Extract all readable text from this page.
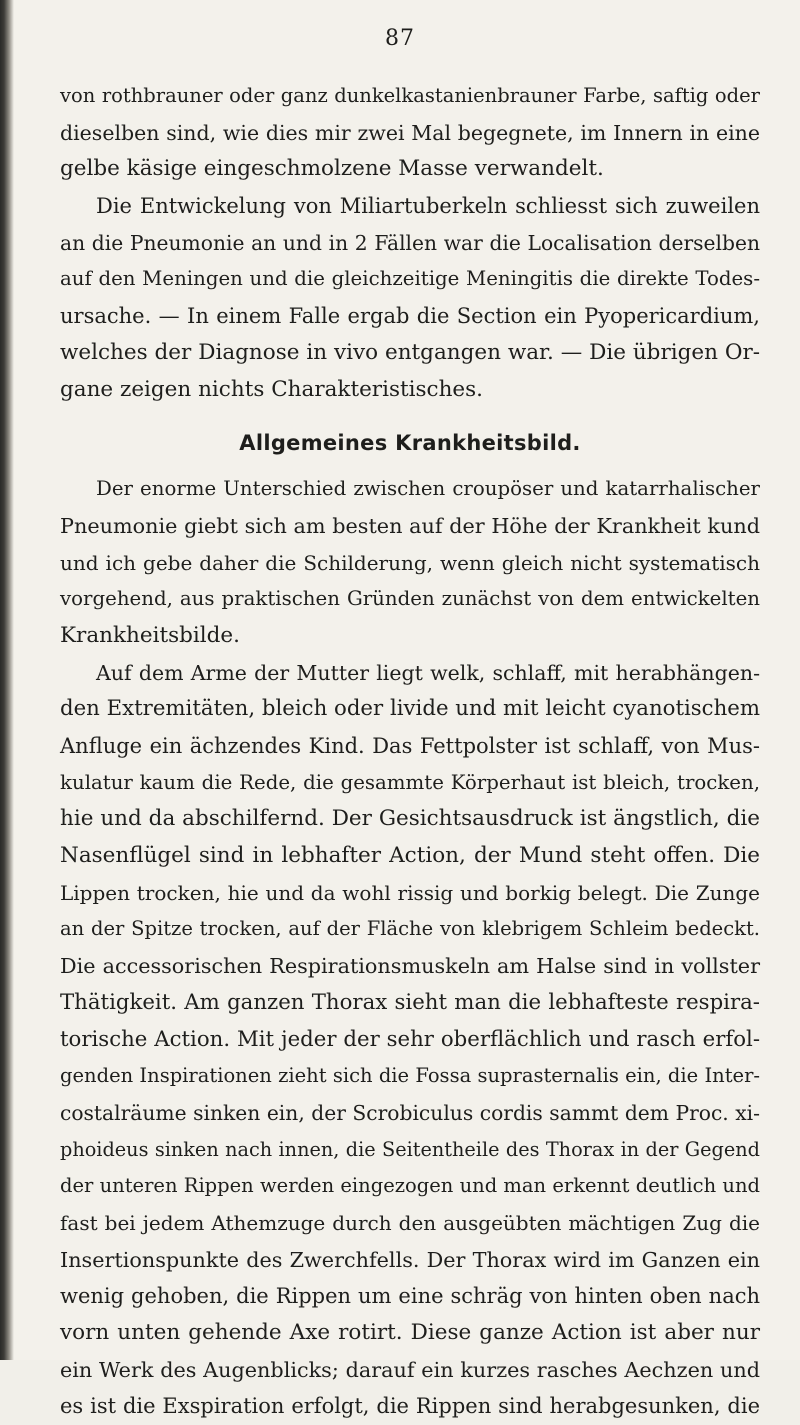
87
von rothbrauner oder ganz dunkelkastanienbrauner Farbe, saftig oder
dieselben sind, wie dies mir zwei Mal begegnete, im Innern in eine
gelbe käsige eingeschmolzene Masse verwandelt.
Die Entwickelung von Miliartuberkeln schliesst sich zuweilen
an die Pneumonie an und in 2 Fällen war die Localisation derselben
auf den Meningen und die gleichzeitige Meningitis die direkte Todes-
ursache. — In einem Falle ergab die Section ein Pyopericardium,
welches der Diagnose in vivo entgangen war. — Die übrigen Or-
gane zeigen nichts Charakteristisches.
Allgemeines Krankheitsbild.
Der enorme Unterschied zwischen croupöser und katarrhalischer
Pneumonie giebt sich am besten auf der Höhe der Krankheit kund
und ich gebe daher die Schilderung, wenn gleich nicht systematisch
vorgehend, aus praktischen Gründen zunächst von dem entwickelten
Krankheitsbilde.
Auf dem Arme der Mutter liegt welk, schlaff, mit herabhängen-
den Extremitäten, bleich oder livide und mit leicht cyanotischem
Anfluge ein ächzendes Kind. Das Fettpolster ist schlaff, von Mus-
kulatur kaum die Rede, die gesammte Körperhaut ist bleich, trocken,
hie und da abschilfernd. Der Gesichtsausdruck ist ängstlich, die
Nasenflügel sind in lebhafter Action, der Mund steht offen. Die
Lippen trocken, hie und da wohl rissig und borkig belegt. Die Zunge
an der Spitze trocken, auf der Fläche von klebrigem Schleim bedeckt.
Die accessorischen Respirationsmuskeln am Halse sind in vollster
Thätigkeit. Am ganzen Thorax sieht man die lebhafteste respira-
torische Action. Mit jeder der sehr oberflächlich und rasch erfol-
genden Inspirationen zieht sich die Fossa suprasternalis ein, die Inter-
costalräume sinken ein, der Scrobiculus cordis sammt dem Proc. xi-
phoideus sinken nach innen, die Seitentheile des Thorax in der Gegend
der unteren Rippen werden eingezogen und man erkennt deutlich und
fast bei jedem Athemzuge durch den ausgeübten mächtigen Zug die
Insertionspunkte des Zwerchfells. Der Thorax wird im Ganzen ein
wenig gehoben, die Rippen um eine schräg von hinten oben nach
vorn unten gehende Axe rotirt. Diese ganze Action ist aber nur
ein Werk des Augenblicks; darauf ein kurzes rasches Aechzen und
es ist die Exspiration erfolgt, die Rippen sind herabgesunken, die
